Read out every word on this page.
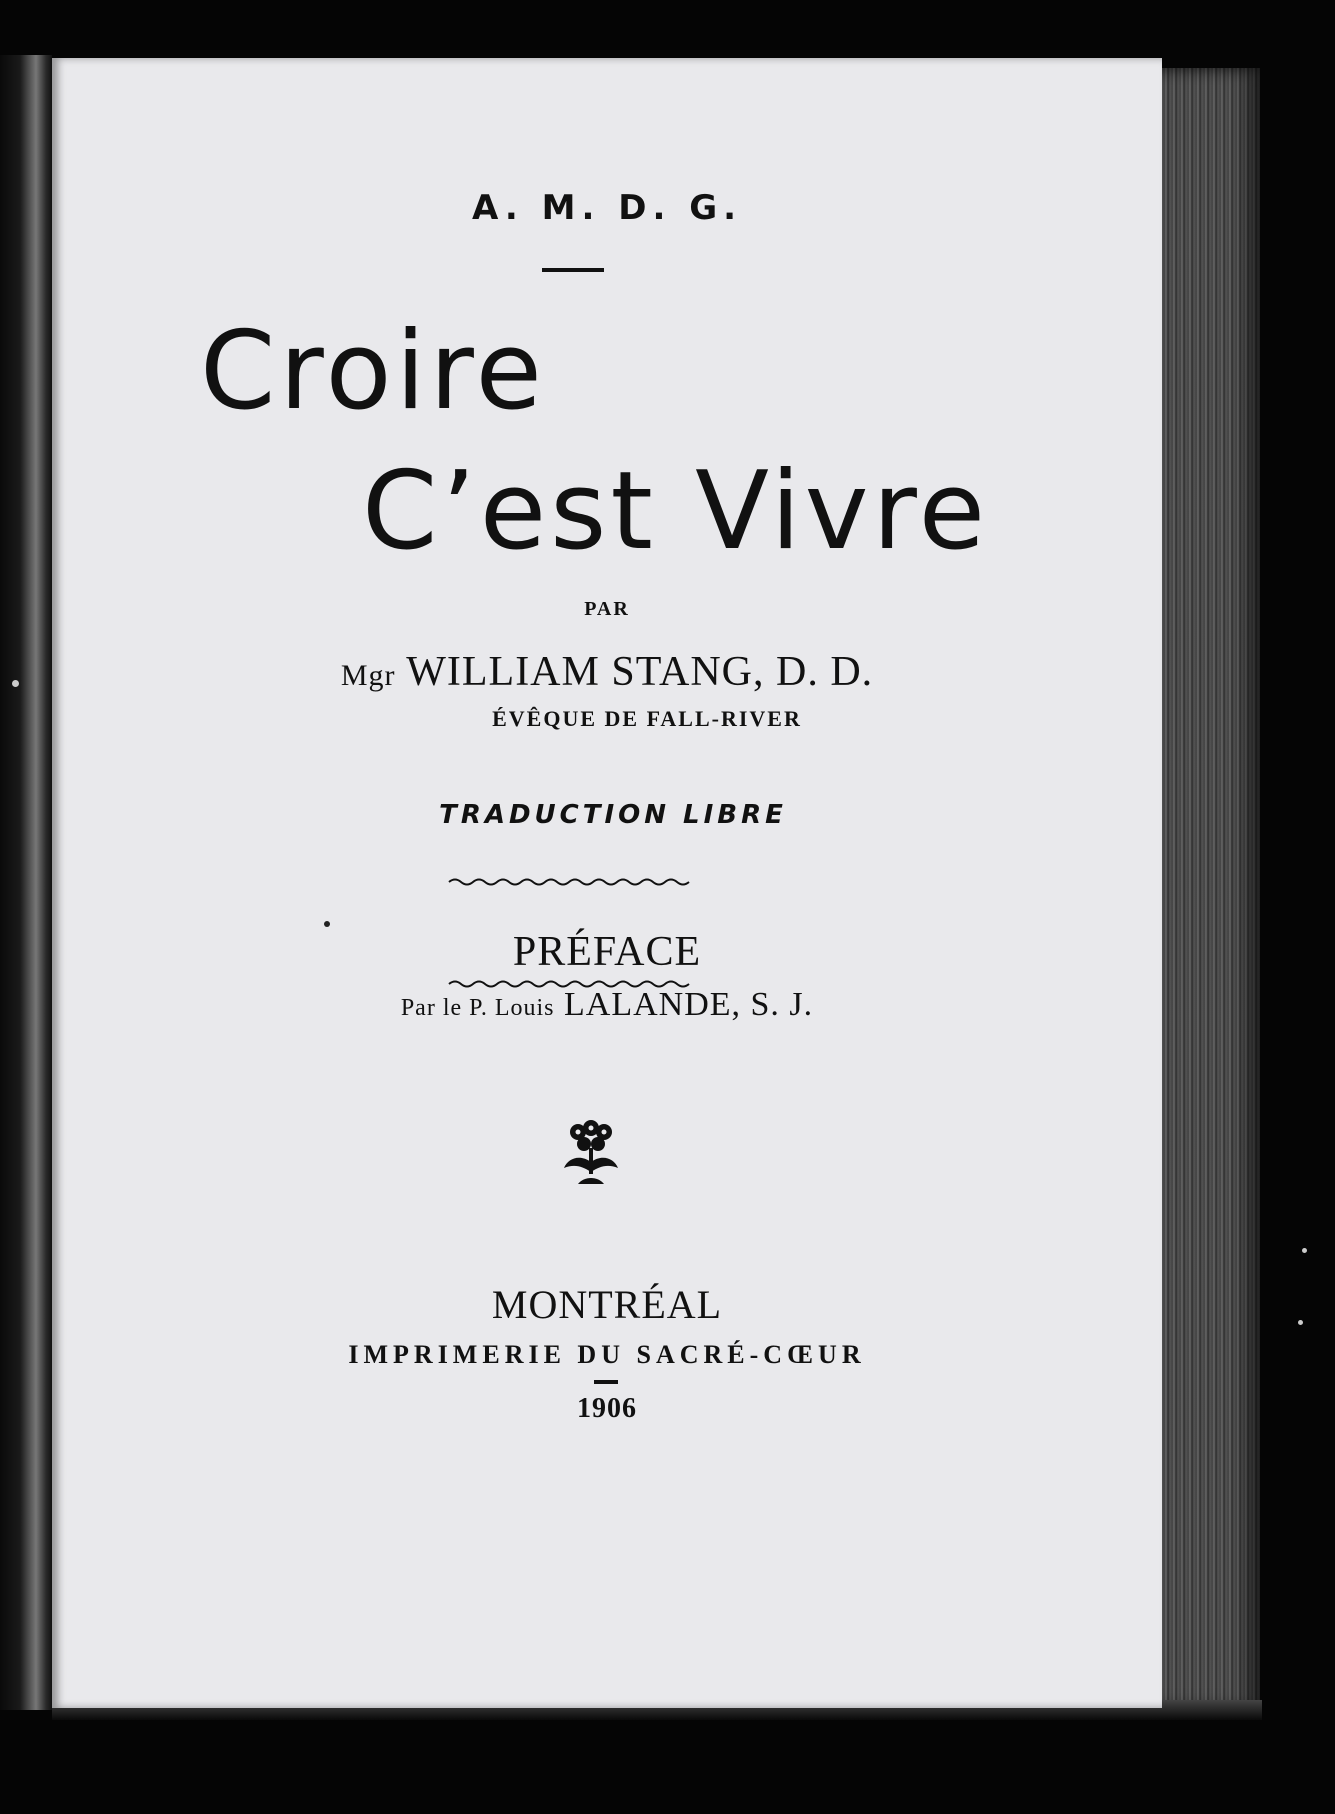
A. M. D. G.
Croire
C’est Vivre
PAR
Mgr WILLIAM STANG, D. D.
ÉVÊQUE DE FALL-RIVER
TRADUCTION LIBRE
PRÉFACE
Par le P. Louis LALANDE, S. J.
MONTRÉAL
IMPRIMERIE DU SACRÉ-CŒUR
1906
